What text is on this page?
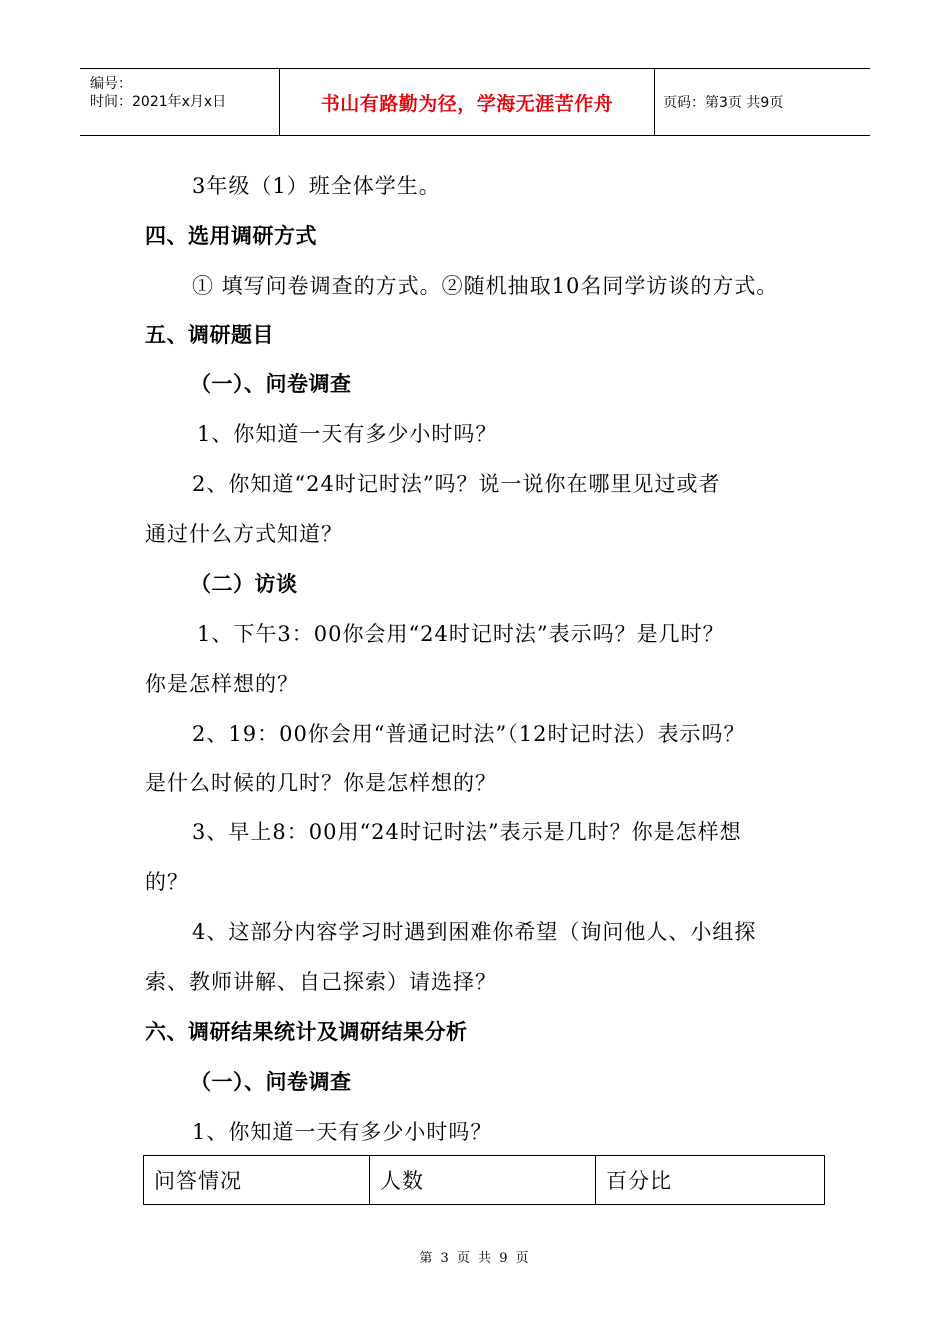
编号：
时间：2021年x月x日	书山有路勤为径，学海无涯苦作舟	页码：第3页 共9页
3年级（1）班全体学生。
四、选用调研方式
① 填写问卷调查的方式。②随机抽取10名同学访谈的方式。
五、调研题目
（一）、问卷调查
1、你知道一天有多少小时吗？
2、你知道“24时记时法”吗？说一说你在哪里见过或者
通过什么方式知道？
（二）访谈
1、下午3：00你会用“24时记时法”表示吗？是几时？
你是怎样想的？
2、19：00你会用“普通记时法”（12时记时法）表示吗？
是什么时候的几时？你是怎样想的？
3、早上8：00用“24时记时法”表示是几时？你是怎样想
的？
4、这部分内容学习时遇到困难你希望（询问他人、小组探
索、教师讲解、自己探索）请选择？
六、调研结果统计及调研结果分析
（一）、问卷调查
1、你知道一天有多少小时吗？
问答情况	人数	百分比
第 3 页 共 9 页
